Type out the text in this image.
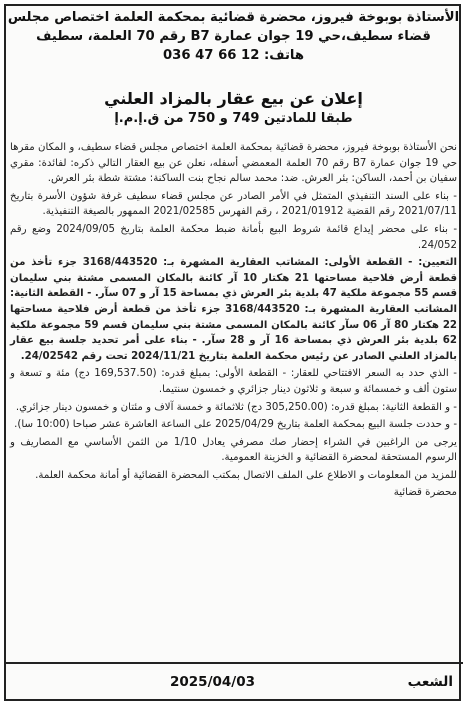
الأستاذة بوبوخة فيروز، محضرة قضائية بمحكمة العلمة اختصاص مجلس
قضاء سطيف،حي 19 جوان عمارة B7 رقم 70 العلمة، سطيف
هاتف: 12 66 47 036
إعلان عن بيع عقار بالمزاد العلني
طبقا للمادتين 749 و 750 من ق.إ.م.إ

نحن الأستاذة بوبوخة فيروز، محضرة قضائية بمحكمة العلمة اختصاص مجلس قضاء سطيف، و المكان مقرها حي 19 جوان عمارة B7 رقم 70 العلمة المعمضي أسفله، نعلن عن بيع العقار التالي ذكره: لفائدة: مقري سفيان بن أحمد، الساكن: بئر العرش. ضد: محمد سالم نجاح بنت الساكنة: مشتة شطة بئر العرش.

- بناء على السند التنفيذي المتمثل في الأمر الصادر عن مجلس قضاء سطيف غرفة شؤون الأسرة بتاريخ 2021/07/11 رقم القضية 2021/01912 ، رقم الفهرس 2021/02585 الممهور بالصيغة التنفيذية.

- بناء على محضر إيداع قائمة شروط البيع بأمانة ضبط محكمة العلمة بتاريخ 2024/09/05 وضع رقم 24/052.

التعيين: - القطعة الأولى: المشاتب العقارية المشهرة بـ: 3168/443520 جزء تأخذ من قطعة أرض فلاحية مساحتها 21 هكتار 10 آر كائنة بالمكان المسمى مشتة بني سليمان قسم 55 مجموعة ملكية 47 بلدية بئر العرش ذي بمساحة 15 آر و 07 سآر. - القطعة الثانية: المشاتب العقارية المشهرة بـ: 3168/443520 جزء تأخذ من قطعة أرض فلاحية مساحتها 22 هكتار 80 آر 06 سآر كائنة بالمكان المسمى مشتة بني سليمان قسم 59 مجموعة ملكية 62 بلدية بئر العرش ذي بمساحة 16 آر و 28 سآر. - بناء على أمر تحديد جلسة بيع عقار بالمزاد العلني الصادر عن رئيس محكمة العلمة بتاريخ 2024/11/21 تحت رقم 24/02542.

- الذي حدد به السعر الافتتاحي للعقار: - القطعة الأولى: بمبلغ قدره: (169,537.50 دج) مئة و تسعة و ستون ألف و خمسمائة و سبعة و ثلاثون دينار جزائري و خمسون سنتيما.

- و القطعة الثانية: بمبلغ قدره: (305,250.00 دج) ثلاثمائة و خمسة آلاف و مئتان و خمسون دينار جزائري.

- و حددت جلسة البيع بمحكمة العلمة بتاريخ 2025/04/29 على الساعة العاشرة عشر صباحا (10:00 سا).

يرجى من الراغبين في الشراء إحضار صك مصرفي يعادل 1/10 من الثمن الأساسي مع المصاريف و الرسوم المستحقة لمحضرة القضائية و الخزينة العمومية.

للمزيد من المعلومات و الاطلاع على الملف الاتصال بمكتب المحضرة القضائية أو أمانة محكمة العلمة.

محضرة قضائية

الشعب
2025/04/03
